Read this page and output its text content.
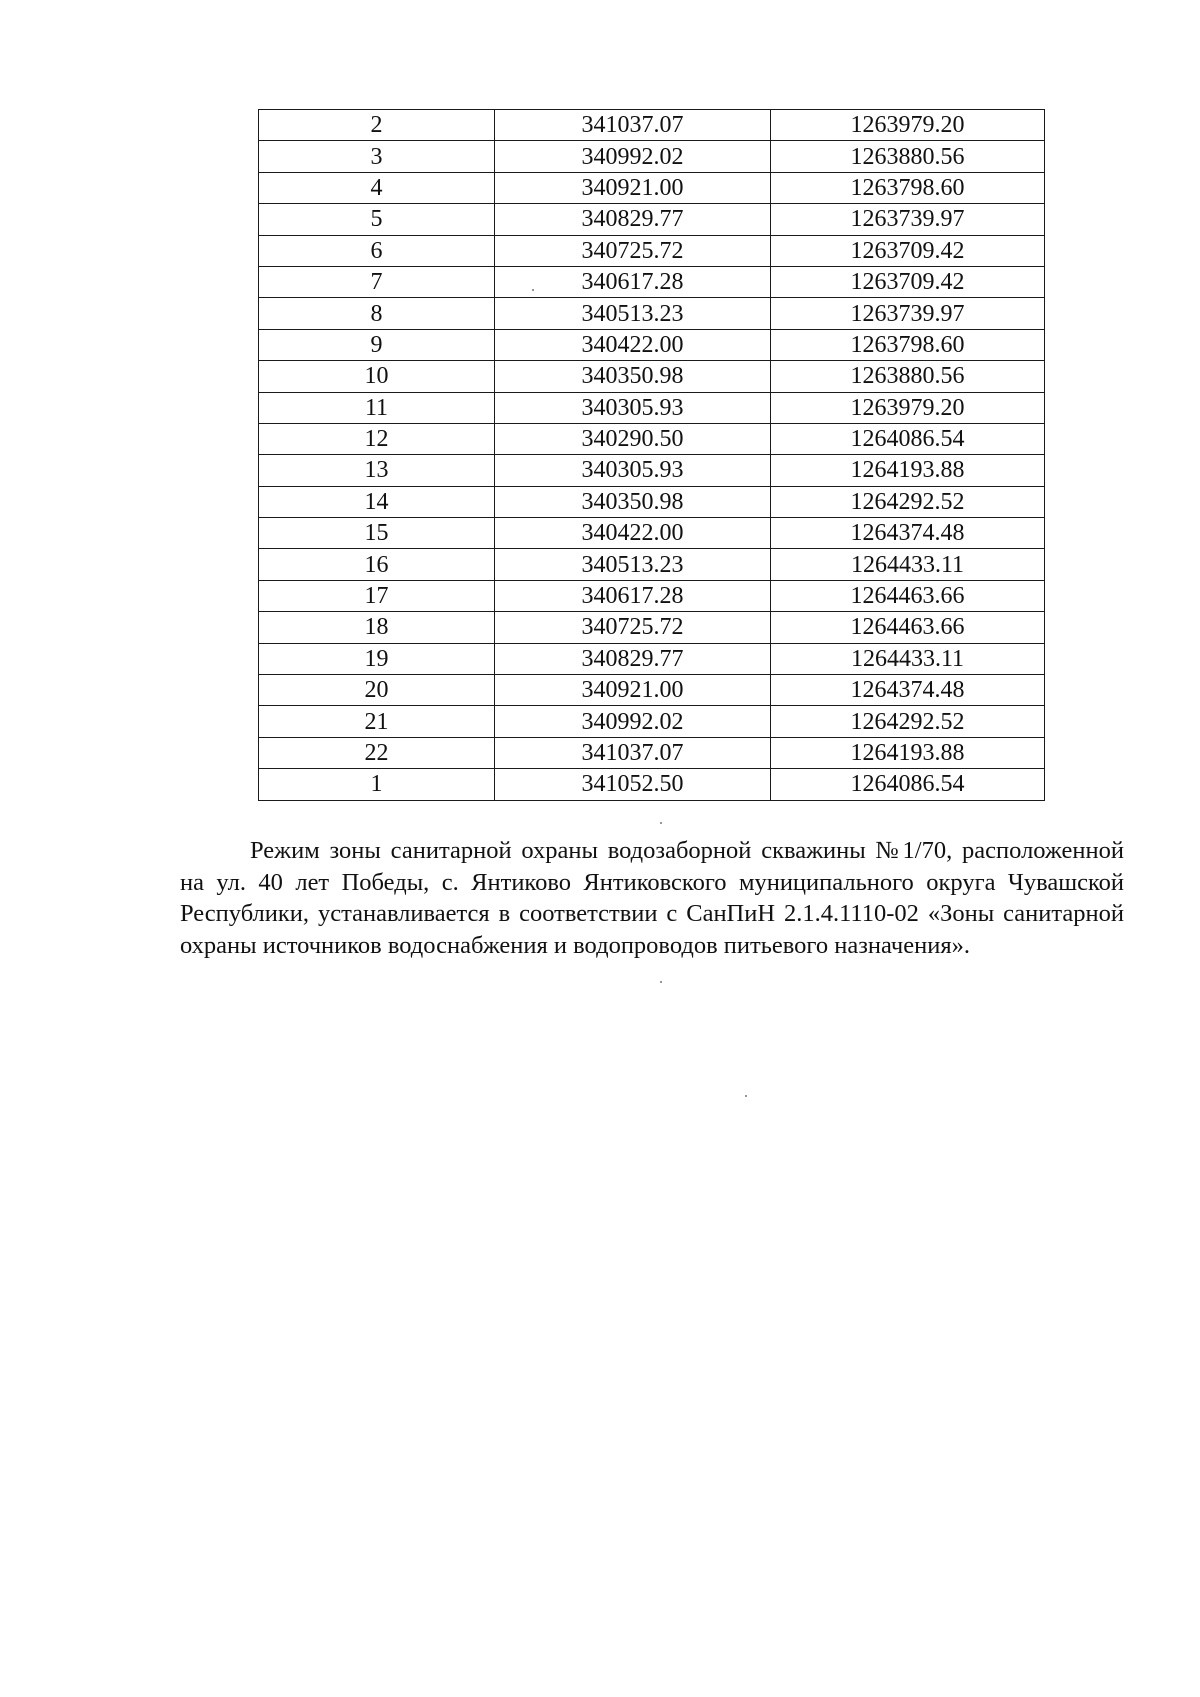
2	341037.07	1263979.20
3	340992.02	1263880.56
4	340921.00	1263798.60
5	340829.77	1263739.97
6	340725.72	1263709.42
7	340617.28	1263709.42
8	340513.23	1263739.97
9	340422.00	1263798.60
10	340350.98	1263880.56
11	340305.93	1263979.20
12	340290.50	1264086.54
13	340305.93	1264193.88
14	340350.98	1264292.52
15	340422.00	1264374.48
16	340513.23	1264433.11
17	340617.28	1264463.66
18	340725.72	1264463.66
19	340829.77	1264433.11
20	340921.00	1264374.48
21	340992.02	1264292.52
22	341037.07	1264193.88
1	341052.50	1264086.54

Режим зоны санитарной охраны водозаборной скважины №1/70, расположенной на ул. 40 лет Победы, с. Янтиково Янтиковского муниципального округа Чувашской Республики, устанавливается в соответствии с СанПиН 2.1.4.1110-02 «Зоны санитарной охраны источников водоснабжения и водопроводов питьевого назначения».
